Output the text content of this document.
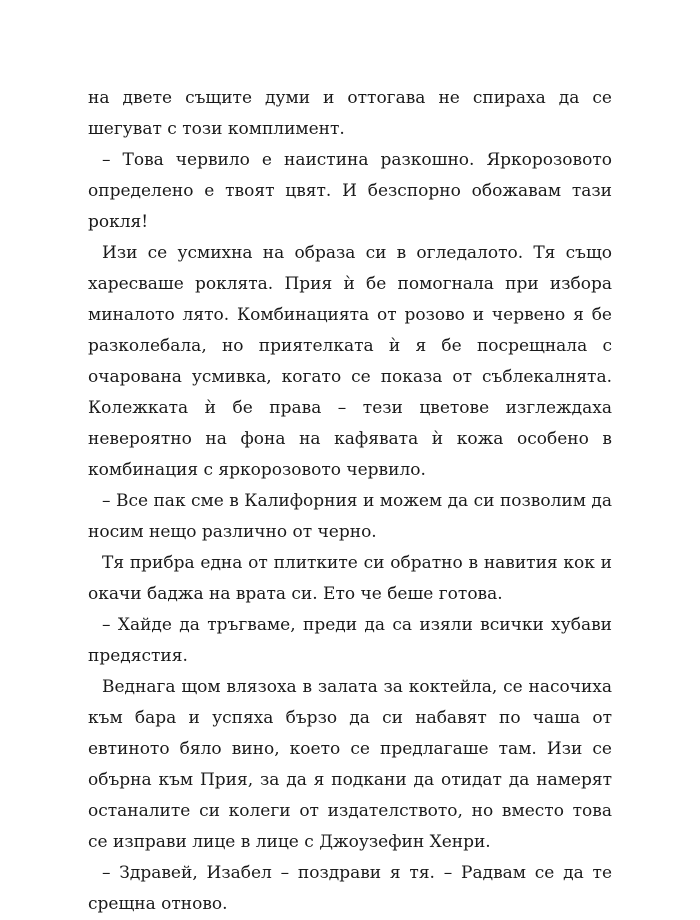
на двете същите думи и оттогава не спираха да се шегуват с този комплимент.

– Това червило е наистина разкошно. Яркорозовото определено е твоят цвят. И безспорно обожавам тази рокля!

Изи се усмихна на образа си в огледалото. Тя също харесваше роклята. Прия ѝ бе помогнала при избора миналото лято. Комбинацията от розово и червено я бе разколебала, но приятелката ѝ я бе посрещнала с очарована усмивка, когато се показа от съблекалнята. Колежката ѝ бе права – тези цветове изглеждаха невероятно на фона на кафявата ѝ кожа особено в комбинация с яркорозовото червило.

– Все пак сме в Калифорния и можем да си позволим да носим нещо различно от черно.

Тя прибра една от плитките си обратно в навития кок и окачи баджа на врата си. Ето че беше готова.

– Хайде да тръгваме, преди да са изяли всички хубави предястия.

Веднага щом влязоха в залата за коктейла, се насочиха към бара и успяха бързо да си набавят по чаша от евтиното бяло вино, което се предлагаше там. Изи се обърна към Прия, за да я подкани да отидат да намерят останалите си колеги от издателството, но вместо това се изправи лице в лице с Джоузефин Хенри.

– Здравей, Изабел – поздрави я тя. – Радвам се да те срещна отново.
